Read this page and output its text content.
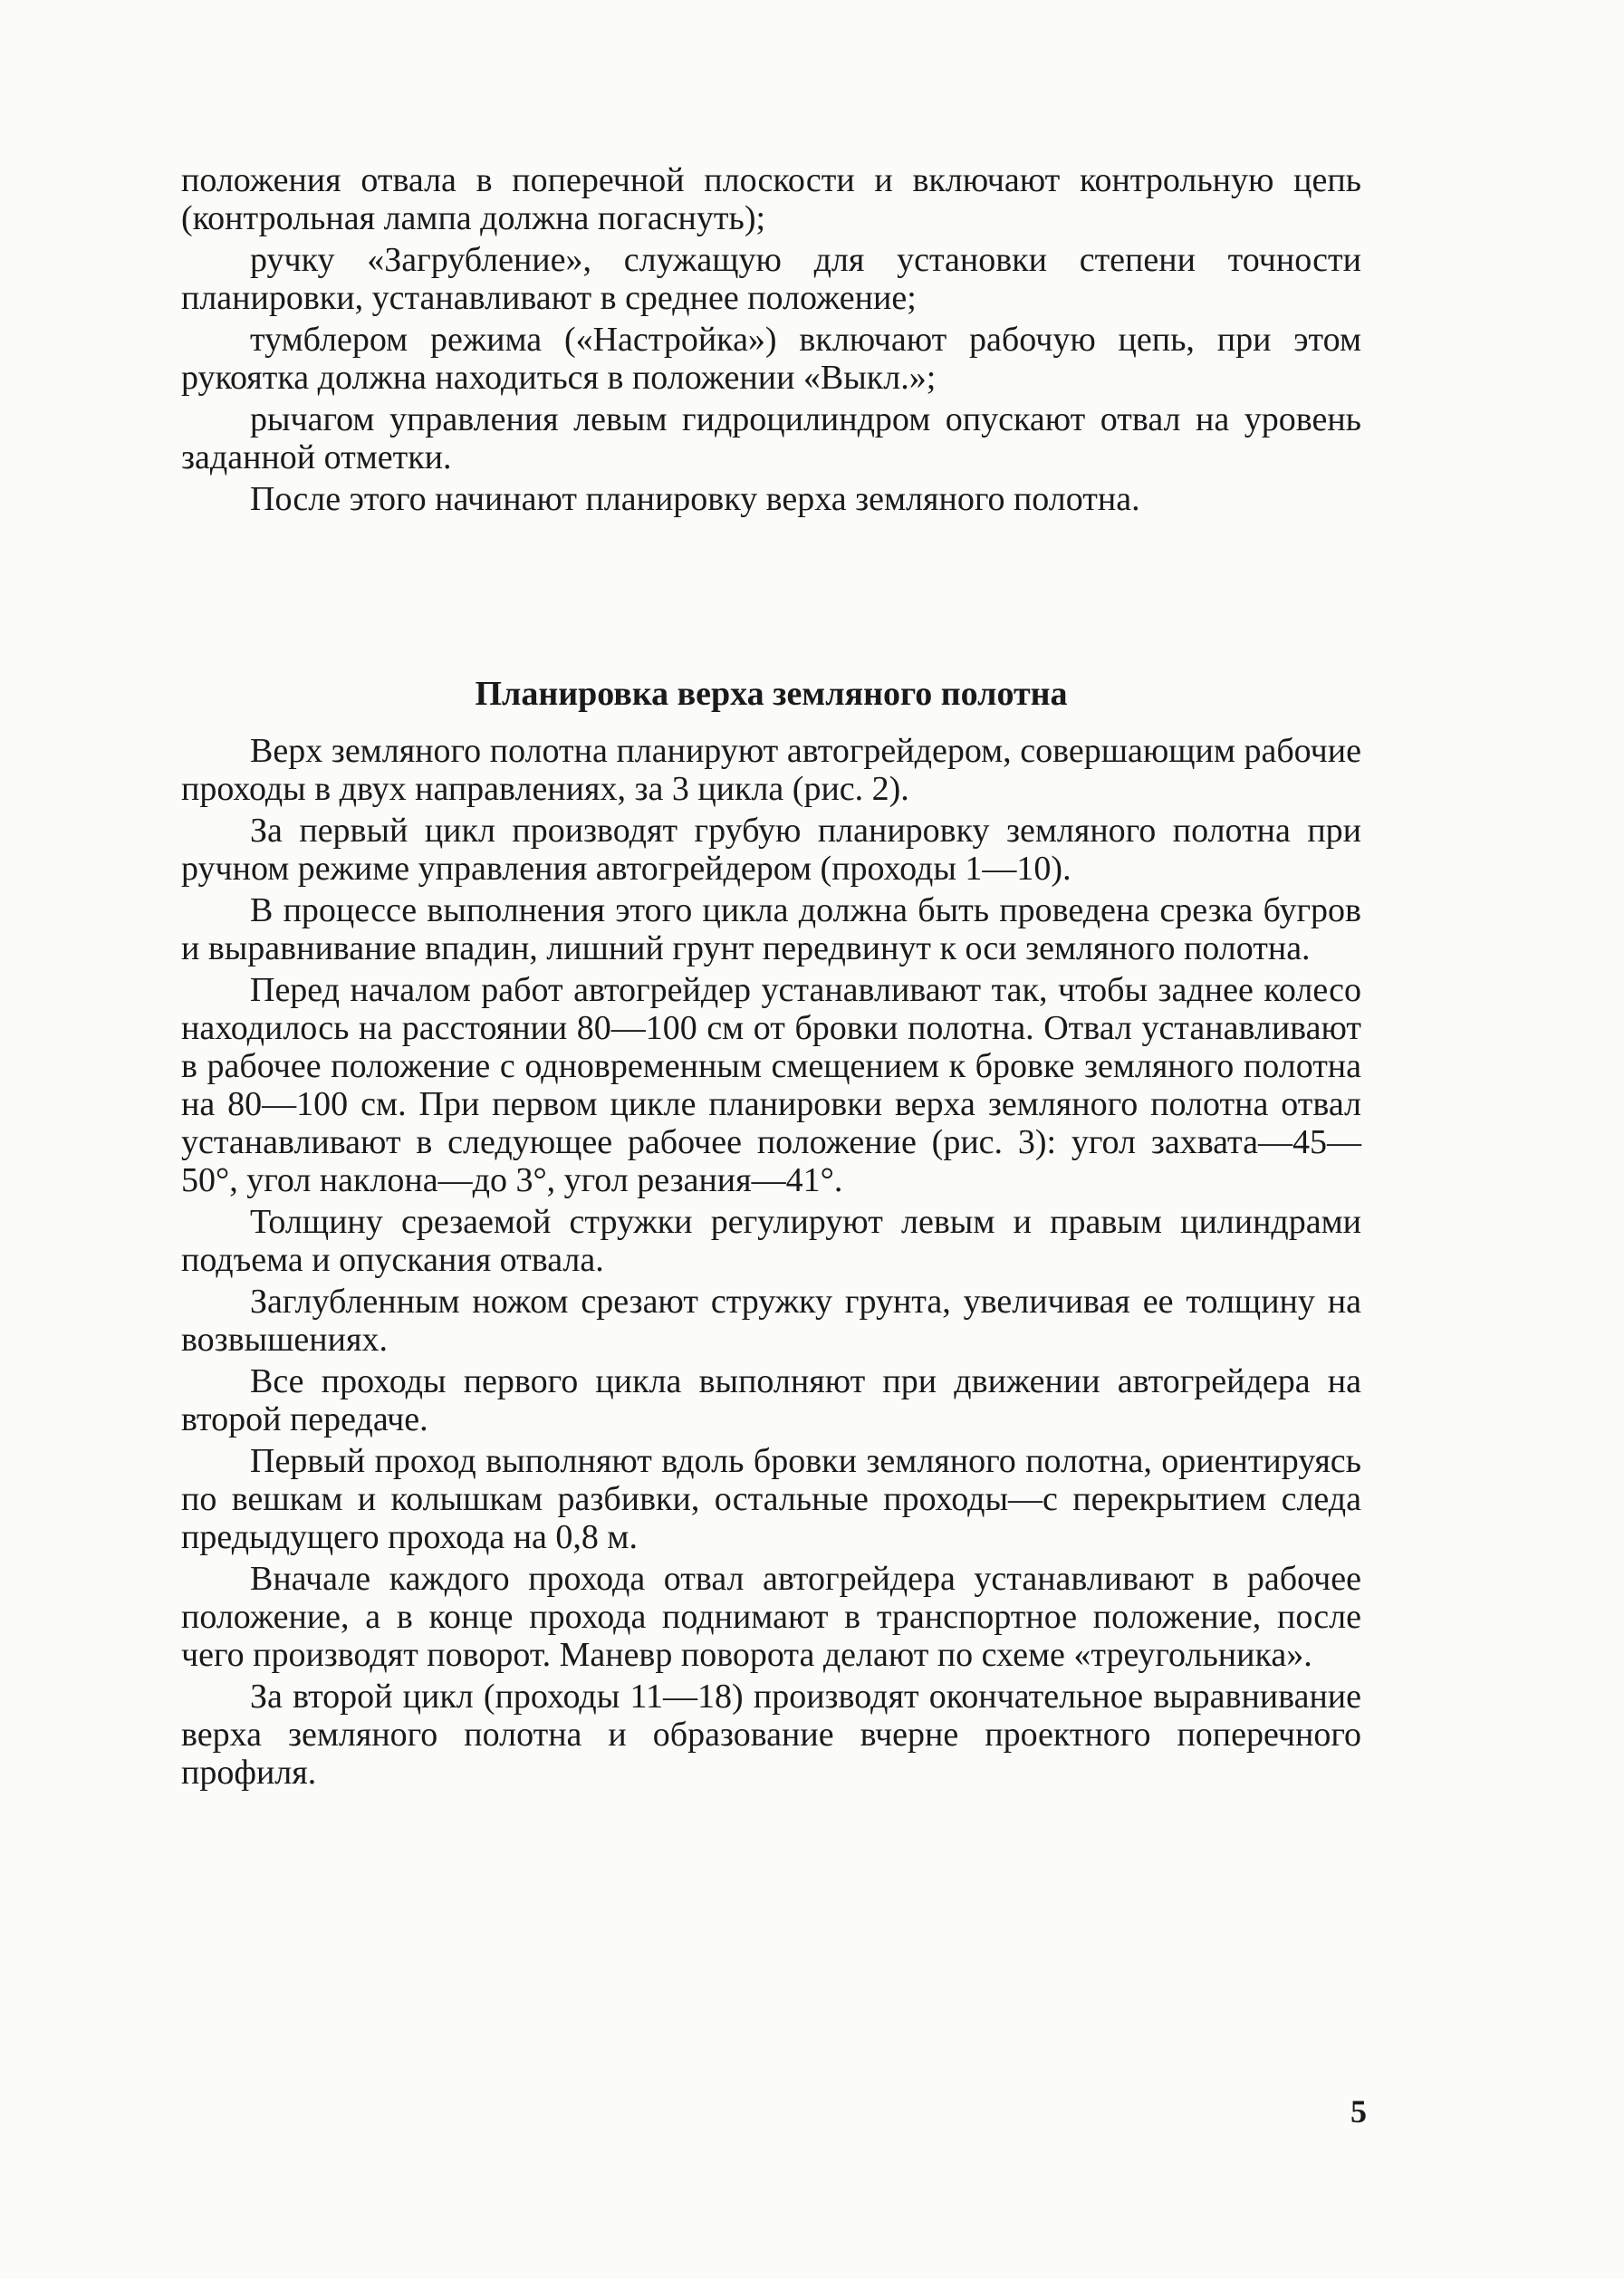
положения отвала в поперечной плоскости и включают контрольную цепь (контрольная лампа должна погаснуть);

ручку «Загрубление», служащую для установки степени точности планировки, устанавливают в среднее положение;

тумблером режима («Настройка») включают рабочую цепь, при этом рукоятка должна находиться в положении «Выкл.»;

рычагом управления левым гидроцилиндром опускают отвал на уровень заданной отметки.

После этого начинают планировку верха земляного полотна.

Планировка верха земляного полотна

Верх земляного полотна планируют автогрейдером, совершающим рабочие проходы в двух направлениях, за 3 цикла (рис. 2).

За первый цикл производят грубую планировку земляного полотна при ручном режиме управления автогрейдером (проходы 1—10).

В процессе выполнения этого цикла должна быть проведена срезка бугров и выравнивание впадин, лишний грунт передвинут к оси земляного полотна.

Перед началом работ автогрейдер устанавливают так, чтобы заднее колесо находилось на расстоянии 80—100 см от бровки полотна. Отвал устанавливают в рабочее положение с одновременным смещением к бровке земляного полотна на 80—100 см. При первом цикле планировки верха земляного полотна отвал устанавливают в следующее рабочее положение (рис. 3): угол захвата—45—50°, угол наклона—до 3°, угол резания—41°.

Толщину срезаемой стружки регулируют левым и правым цилиндрами подъема и опускания отвала.

Заглубленным ножом срезают стружку грунта, увеличивая ее толщину на возвышениях.

Все проходы первого цикла выполняют при движении автогрейдера на второй передаче.

Первый проход выполняют вдоль бровки земляного полотна, ориентируясь по вешкам и колышкам разбивки, остальные проходы—с перекрытием следа предыдущего прохода на 0,8 м.

Вначале каждого прохода отвал автогрейдера устанавливают в рабочее положение, а в конце прохода поднимают в транспортное положение, после чего производят поворот. Маневр поворота делают по схеме «треугольника».

За второй цикл (проходы 11—18) производят окончательное выравнивание верха земляного полотна и образование вчерне проектного поперечного профиля.

5
